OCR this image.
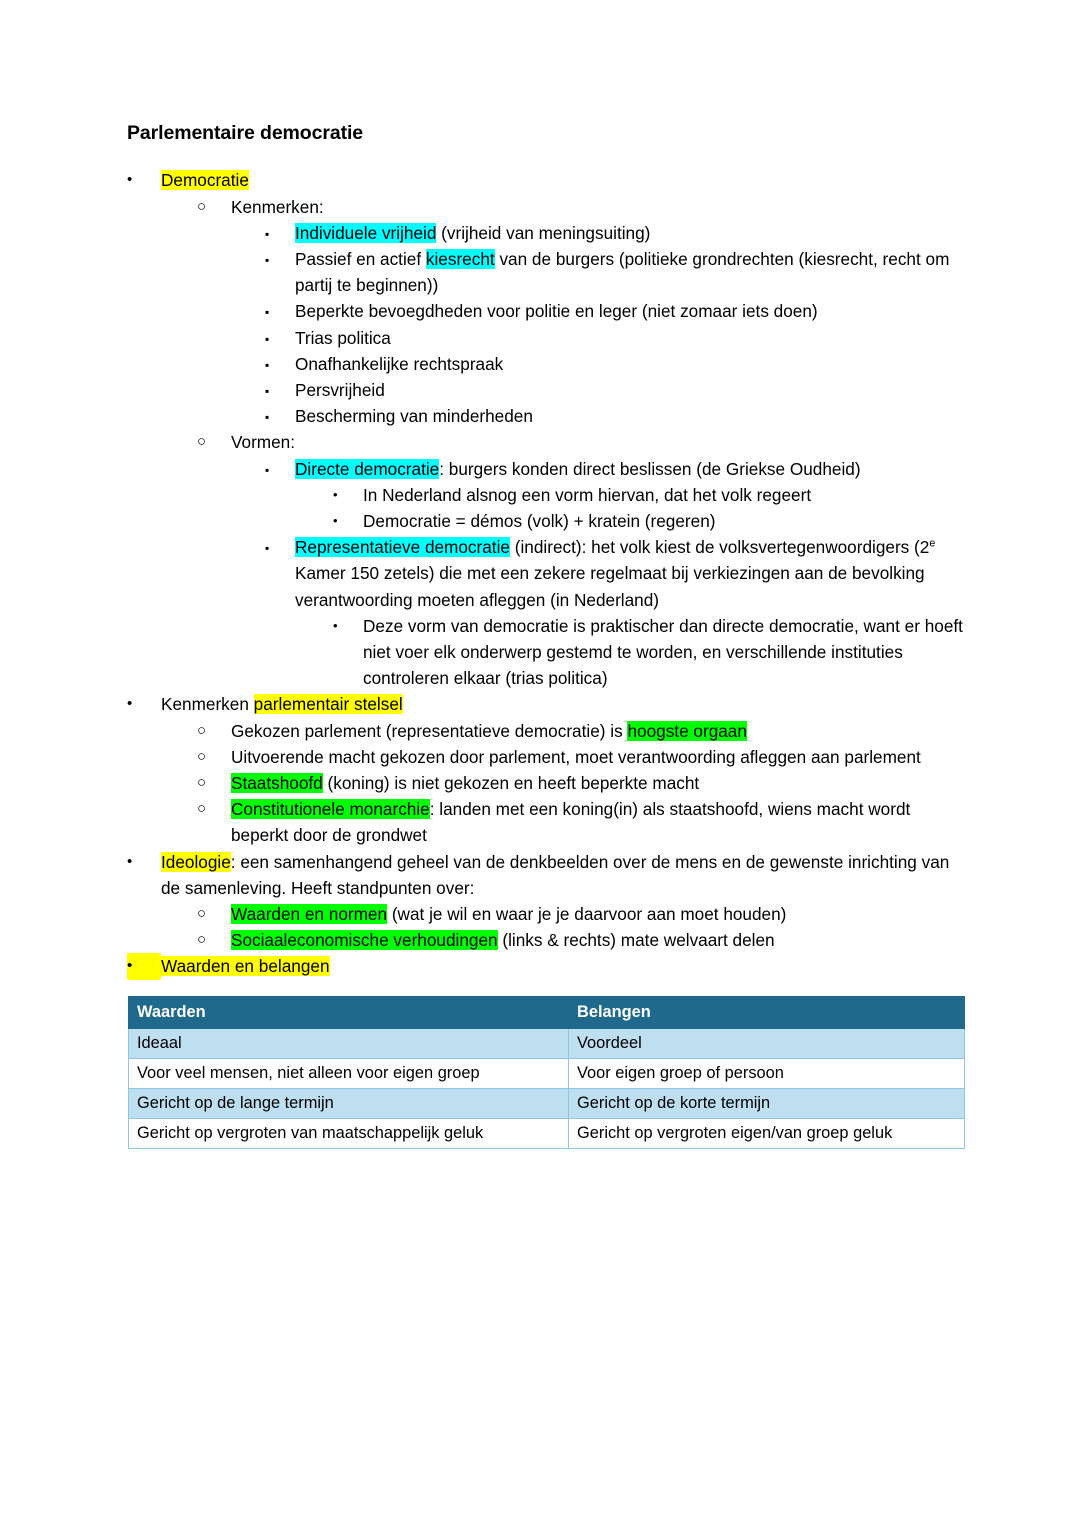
Parlementaire democratie
•	Democratie
○	Kenmerken:
▪	Individuele vrijheid (vrijheid van meningsuiting)
▪	Passief en actief kiesrecht van de burgers (politieke grondrechten (kiesrecht, recht om partij te beginnen))
▪	Beperkte bevoegdheden voor politie en leger (niet zomaar iets doen)
▪	Trias politica
▪	Onafhankelijke rechtspraak
▪	Persvrijheid
▪	Bescherming van minderheden
○	Vormen:
▪	Directe democratie: burgers konden direct beslissen (de Griekse Oudheid)
•	In Nederland alsnog een vorm hiervan, dat het volk regeert
•	Democratie = démos (volk) + kratein (regeren)
▪	Representatieve democratie (indirect): het volk kiest de volksvertegenwoordigers (2e Kamer 150 zetels) die met een zekere regelmaat bij verkiezingen aan de bevolking verantwoording moeten afleggen (in Nederland)
•	Deze vorm van democratie is praktischer dan directe democratie, want er hoeft niet voer elk onderwerp gestemd te worden, en verschillende instituties controleren elkaar (trias politica)
•	Kenmerken parlementair stelsel
○	Gekozen parlement (representatieve democratie) is hoogste orgaan
○	Uitvoerende macht gekozen door parlement, moet verantwoording afleggen aan parlement
○	Staatshoofd (koning) is niet gekozen en heeft beperkte macht
○	Constitutionele monarchie: landen met een koning(in) als staatshoofd, wiens macht wordt beperkt door de grondwet
•	Ideologie: een samenhangend geheel van de denkbeelden over de mens en de gewenste inrichting van de samenleving. Heeft standpunten over:
○	Waarden en normen (wat je wil en waar je je daarvoor aan moet houden)
○	Sociaaleconomische verhoudingen (links & rechts) mate welvaart delen
•	Waarden en belangen
Waarden	Belangen
Ideaal	Voordeel
Voor veel mensen, niet alleen voor eigen groep	Voor eigen groep of persoon
Gericht op de lange termijn	Gericht op de korte termijn
Gericht op vergroten van maatschappelijk geluk	Gericht op vergroten eigen/van groep geluk
